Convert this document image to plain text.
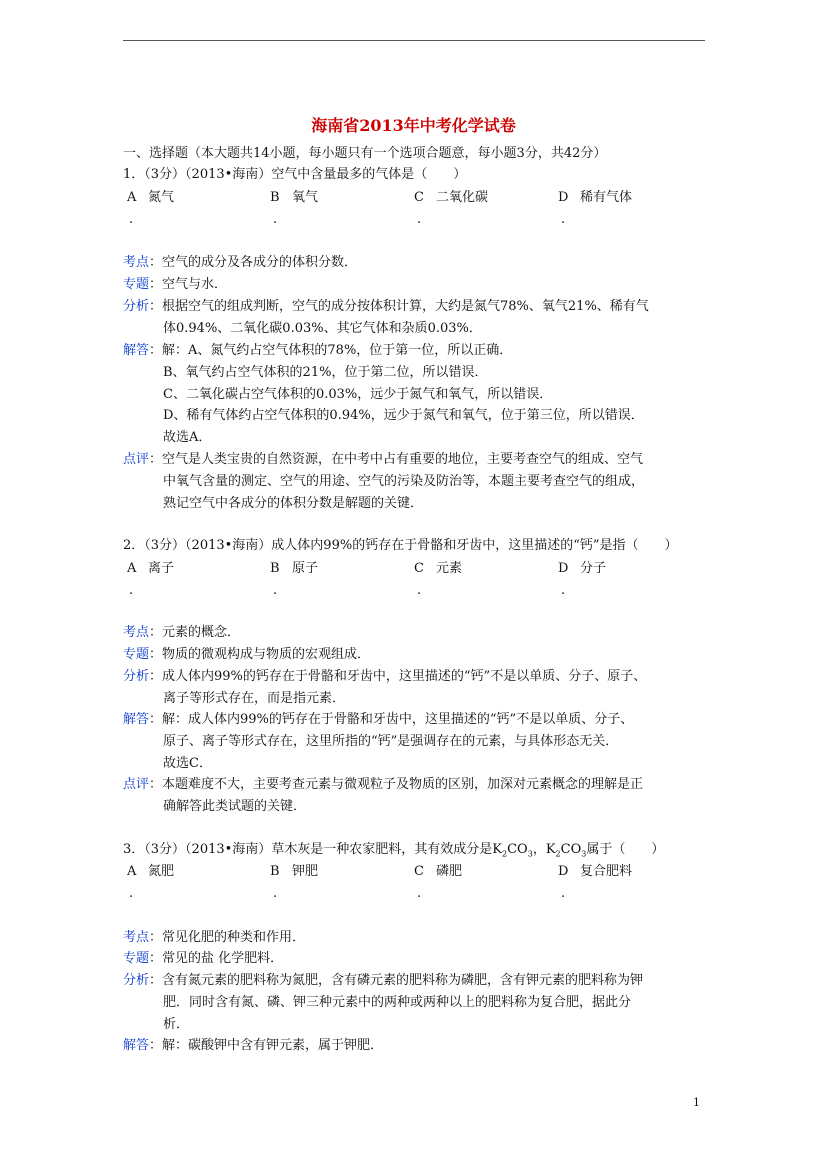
海南省2013年中考化学试卷
一、选择题（本大题共14小题，每小题只有一个选项合题意，每小题3分，共42分）
1．（3分）（2013•海南）空气中含量最多的气体是（　　）
A 氮气	B 氧气	C 二氧化碳	D 稀有气体
.	.	.	.
考点：空气的成分及各成分的体积分数．
专题：空气与水．
分析：根据空气的组成判断，空气的成分按体积计算，大约是氮气78%、氧气21%、稀有气
体0.94%、二氧化碳0.03%、其它气体和杂质0.03%．
解答：解：A、氮气约占空气体积的78%，位于第一位，所以正确．
B、氧气约占空气体积的21%，位于第二位，所以错误．
C、二氧化碳占空气体积的0.03%，远少于氮气和氧气，所以错误．
D、稀有气体约占空气体积的0.94%，远少于氮气和氧气，位于第三位，所以错误．
故选A．
点评：空气是人类宝贵的自然资源，在中考中占有重要的地位，主要考查空气的组成、空气
中氧气含量的测定、空气的用途、空气的污染及防治等，本题主要考查空气的组成，
熟记空气中各成分的体积分数是解题的关键．
2．（3分）（2013•海南）成人体内99%的钙存在于骨骼和牙齿中，这里描述的“钙”是指（　　）
A 离子	B 原子	C 元素	D 分子
.	.	.	.
考点：元素的概念．
专题：物质的微观构成与物质的宏观组成．
分析：成人体内99%的钙存在于骨骼和牙齿中，这里描述的“钙”不是以单质、分子、原子、
离子等形式存在，而是指元素．
解答：解：成人体内99%的钙存在于骨骼和牙齿中，这里描述的“钙”不是以单质、分子、
原子、离子等形式存在，这里所指的“钙”是强调存在的元素，与具体形态无关．
故选C．
点评：本题难度不大，主要考查元素与微观粒子及物质的区别，加深对元素概念的理解是正
确解答此类试题的关键．
3．（3分）（2013•海南）草木灰是一种农家肥料，其有效成分是$K_2CO_3$，$K_2CO_3$属于（　　）
A 氮肥	B 钾肥	C 磷肥	D 复合肥料
.	.	.	.
考点：常见化肥的种类和作用．
专题：常见的盐 化学肥料．
分析：含有氮元素的肥料称为氮肥，含有磷元素的肥料称为磷肥，含有钾元素的肥料称为钾
肥．同时含有氮、磷、钾三种元素中的两种或两种以上的肥料称为复合肥，据此分
析．
解答：解：碳酸钾中含有钾元素，属于钾肥．
1
